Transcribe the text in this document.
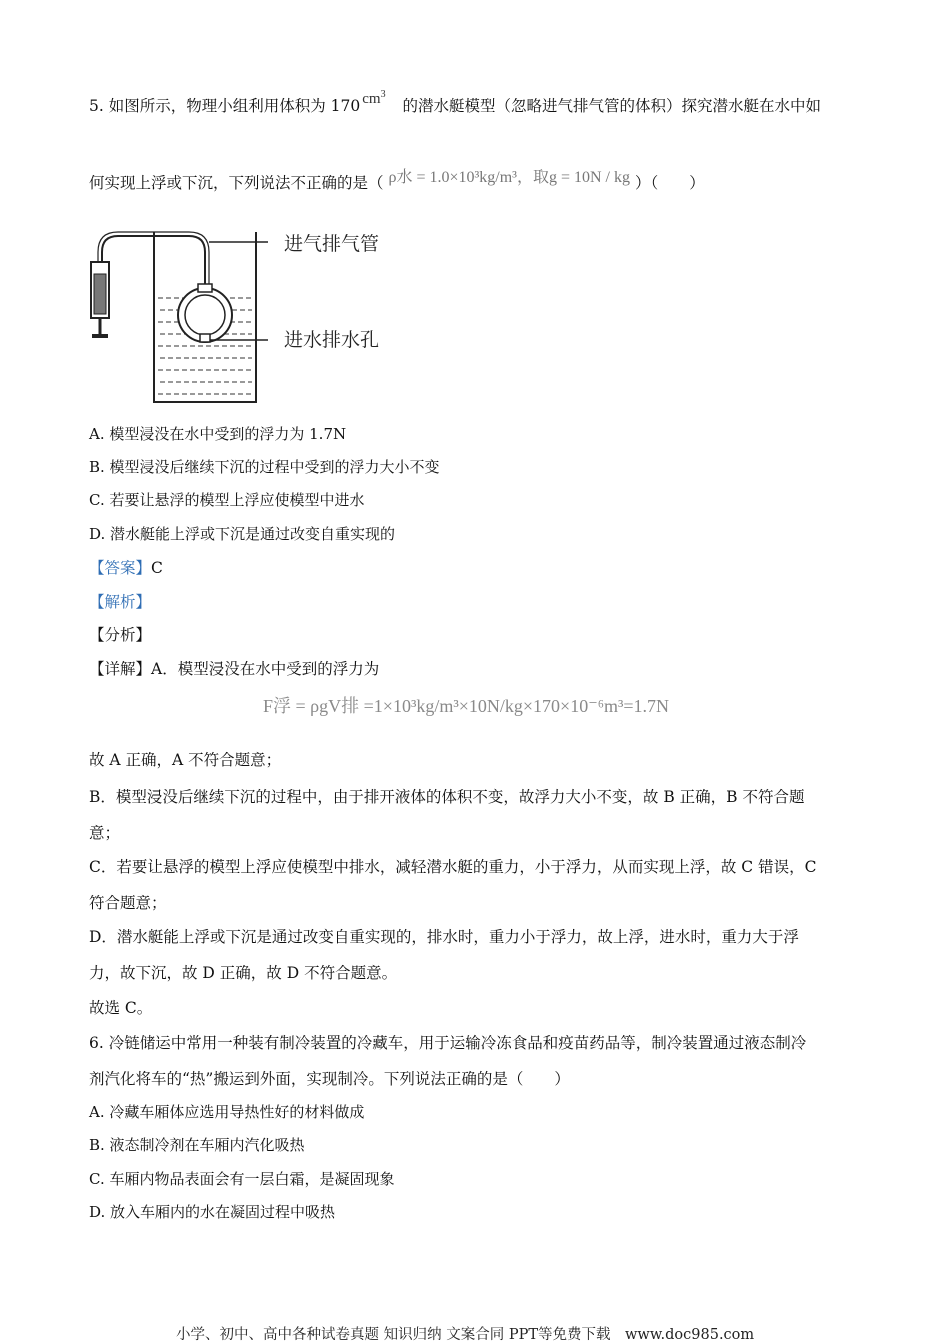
5. 如图所示，物理小组利用体积为 170 $cm^3$ 的潜水艇模型（忽略进气排气管的体积）探究潜水艇在水中如
何实现上浮或下沉，下列说法不正确的是（ ρ水 = 1.0×10³kg/m³，取g = 10N / kg ）（　　）
进气排气管
进水排水孔
A. 模型浸没在水中受到的浮力为 1.7N
B. 模型浸没后继续下沉的过程中受到的浮力大小不变
C. 若要让悬浮的模型上浮应使模型中进水
D. 潜水艇能上浮或下沉是通过改变自重实现的
【答案】C
【解析】
【分析】
【详解】A．模型浸没在水中受到的浮力为
F浮 = ρgV排 =1×10³kg/m³×10N/kg×170×10⁻⁶m³=1.7N
故 A 正确，A 不符合题意；
B．模型浸没后继续下沉的过程中，由于排开液体的体积不变，故浮力大小不变，故 B 正确，B 不符合题
意；
C．若要让悬浮的模型上浮应使模型中排水，减轻潜水艇的重力，小于浮力，从而实现上浮，故 C 错误，C
符合题意；
D．潜水艇能上浮或下沉是通过改变自重实现的，排水时，重力小于浮力，故上浮，进水时，重力大于浮
力，故下沉，故 D 正确，故 D 不符合题意。
故选 C。
6. 冷链储运中常用一种装有制冷装置的冷藏车，用于运输冷冻食品和疫苗药品等，制冷装置通过液态制冷
剂汽化将车的“热”搬运到外面，实现制冷。下列说法正确的是（　　）
A. 冷藏车厢体应选用导热性好的材料做成
B. 液态制冷剂在车厢内汽化吸热
C. 车厢内物品表面会有一层白霜，是凝固现象
D. 放入车厢内的水在凝固过程中吸热
小学、初中、高中各种试卷真题 知识归纳 文案合同 PPT等免费下载　www.doc985.com
